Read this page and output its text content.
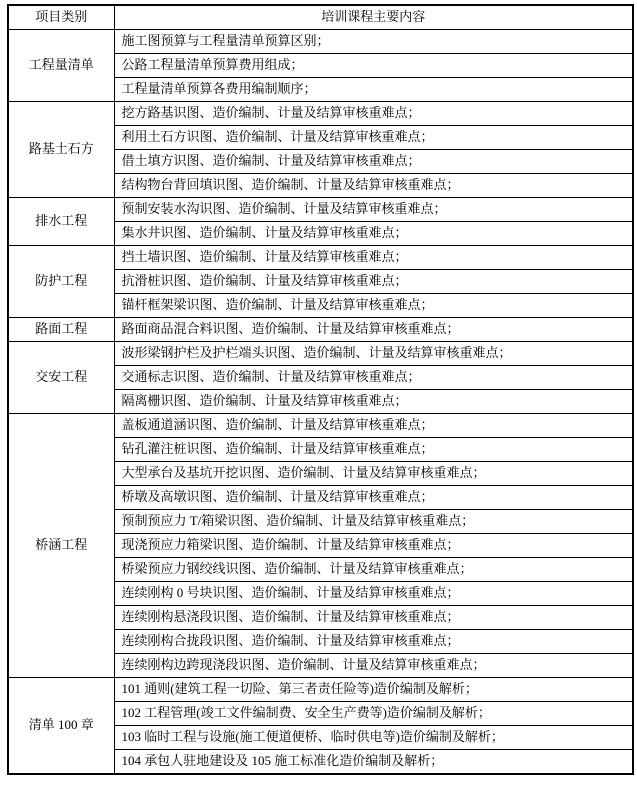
项目类别	培训课程主要内容
工程量清单	施工图预算与工程量清单预算区别；
	公路工程量清单预算费用组成；
	工程量清单预算各费用编制顺序；
路基土石方	挖方路基识图、造价编制、计量及结算审核重难点；
	利用土石方识图、造价编制、计量及结算审核重难点；
	借土填方识图、造价编制、计量及结算审核重难点；
	结构物台背回填识图、造价编制、计量及结算审核重难点；
排水工程	预制安装水沟识图、造价编制、计量及结算审核重难点；
	集水井识图、造价编制、计量及结算审核重难点；
防护工程	挡土墙识图、造价编制、计量及结算审核重难点；
	抗滑桩识图、造价编制、计量及结算审核重难点；
	锚杆框架梁识图、造价编制、计量及结算审核重难点；
路面工程	路面商品混合料识图、造价编制、计量及结算审核重难点；
交安工程	波形梁钢护栏及护栏端头识图、造价编制、计量及结算审核重难点；
	交通标志识图、造价编制、计量及结算审核重难点；
	隔离栅识图、造价编制、计量及结算审核重难点；
桥涵工程	盖板通道涵识图、造价编制、计量及结算审核重难点；
	钻孔灌注桩识图、造价编制、计量及结算审核重难点；
	大型承台及基坑开挖识图、造价编制、计量及结算审核重难点；
	桥墩及高墩识图、造价编制、计量及结算审核重难点；
	预制预应力 T/箱梁识图、造价编制、计量及结算审核重难点；
	现浇预应力箱梁识图、造价编制、计量及结算审核重难点；
	桥梁预应力钢绞线识图、造价编制、计量及结算审核重难点；
	连续刚构 0 号块识图、造价编制、计量及结算审核重难点；
	连续刚构悬浇段识图、造价编制、计量及结算审核重难点；
	连续刚构合拢段识图、造价编制、计量及结算审核重难点；
	连续刚构边跨现浇段识图、造价编制、计量及结算审核重难点；
清单 100 章	101 通则(建筑工程一切险、第三者责任险等)造价编制及解析；
	102 工程管理(竣工文件编制费、安全生产费等)造价编制及解析；
	103 临时工程与设施(施工便道便桥、临时供电等)造价编制及解析；
	104 承包人驻地建设及 105 施工标准化造价编制及解析；
